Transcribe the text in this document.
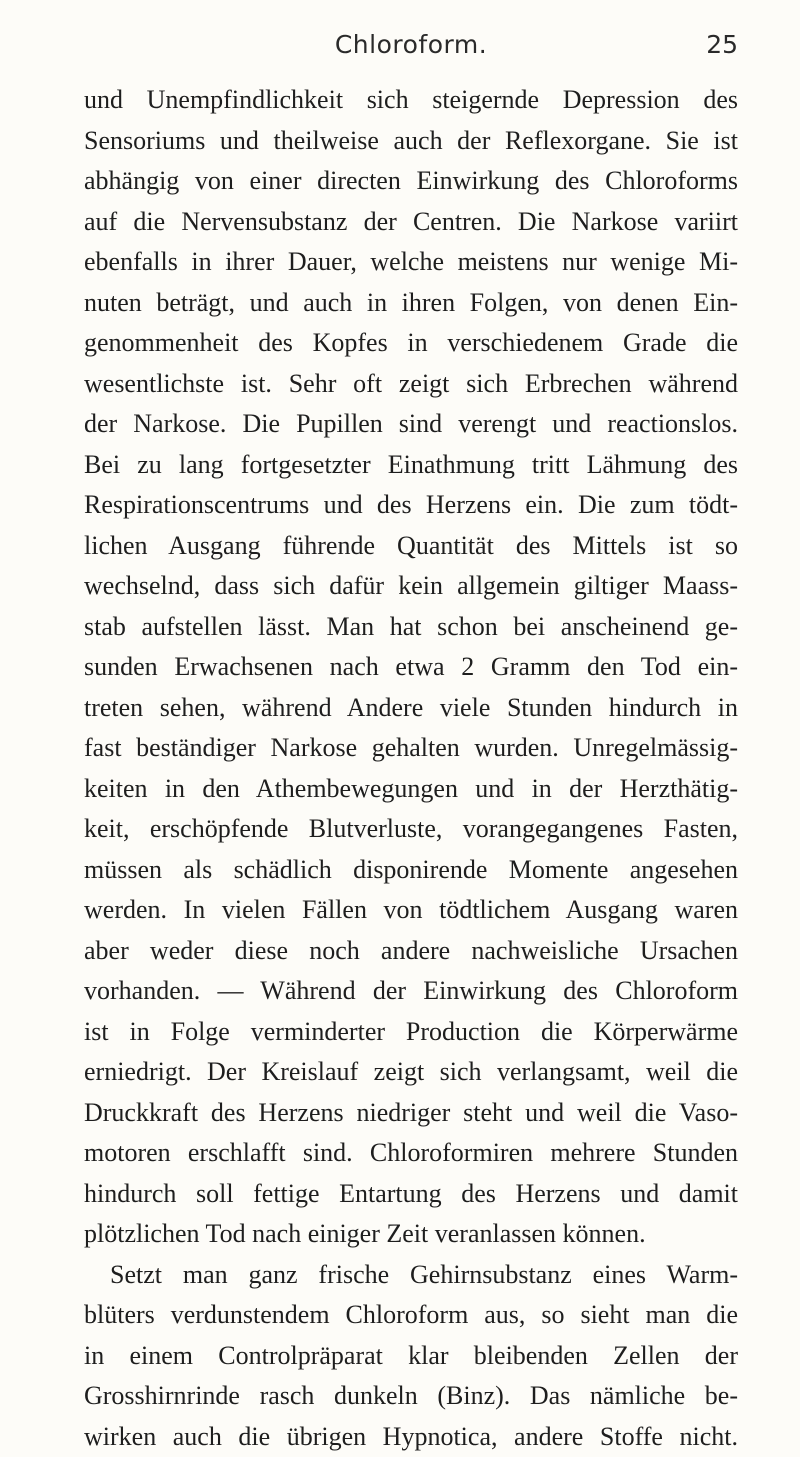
Chloroform.	25
und Unempfindlichkeit sich steigernde Depression des
Sensoriums und theilweise auch der Reflexorgane. Sie ist
abhängig von einer directen Einwirkung des Chloroforms
auf die Nervensubstanz der Centren. Die Narkose variirt
ebenfalls in ihrer Dauer, welche meistens nur wenige Mi-
nuten beträgt, und auch in ihren Folgen, von denen Ein-
genommenheit des Kopfes in verschiedenem Grade die
wesentlichste ist. Sehr oft zeigt sich Erbrechen während
der Narkose. Die Pupillen sind verengt und reactionslos.
Bei zu lang fortgesetzter Einathmung tritt Lähmung des
Respirationscentrums und des Herzens ein. Die zum tödt-
lichen Ausgang führende Quantität des Mittels ist so
wechselnd, dass sich dafür kein allgemein giltiger Maass-
stab aufstellen lässt. Man hat schon bei anscheinend ge-
sunden Erwachsenen nach etwa 2 Gramm den Tod ein-
treten sehen, während Andere viele Stunden hindurch in
fast beständiger Narkose gehalten wurden. Unregelmässig-
keiten in den Athembewegungen und in der Herzthätig-
keit, erschöpfende Blutverluste, vorangegangenes Fasten,
müssen als schädlich disponirende Momente angesehen
werden. In vielen Fällen von tödtlichem Ausgang waren
aber weder diese noch andere nachweisliche Ursachen
vorhanden. — Während der Einwirkung des Chloroform
ist in Folge verminderter Production die Körperwärme
erniedrigt. Der Kreislauf zeigt sich verlangsamt, weil die
Druckkraft des Herzens niedriger steht und weil die Vaso-
motoren erschlafft sind. Chloroformiren mehrere Stunden
hindurch soll fettige Entartung des Herzens und damit
plötzlichen Tod nach einiger Zeit veranlassen können.
Setzt man ganz frische Gehirnsubstanz eines Warm-
blüters verdunstendem Chloroform aus, so sieht man die
in einem Controlpräparat klar bleibenden Zellen der
Grosshirnrinde rasch dunkeln (Binz). Das nämliche be-
wirken auch die übrigen Hypnotica, andere Stoffe nicht.
